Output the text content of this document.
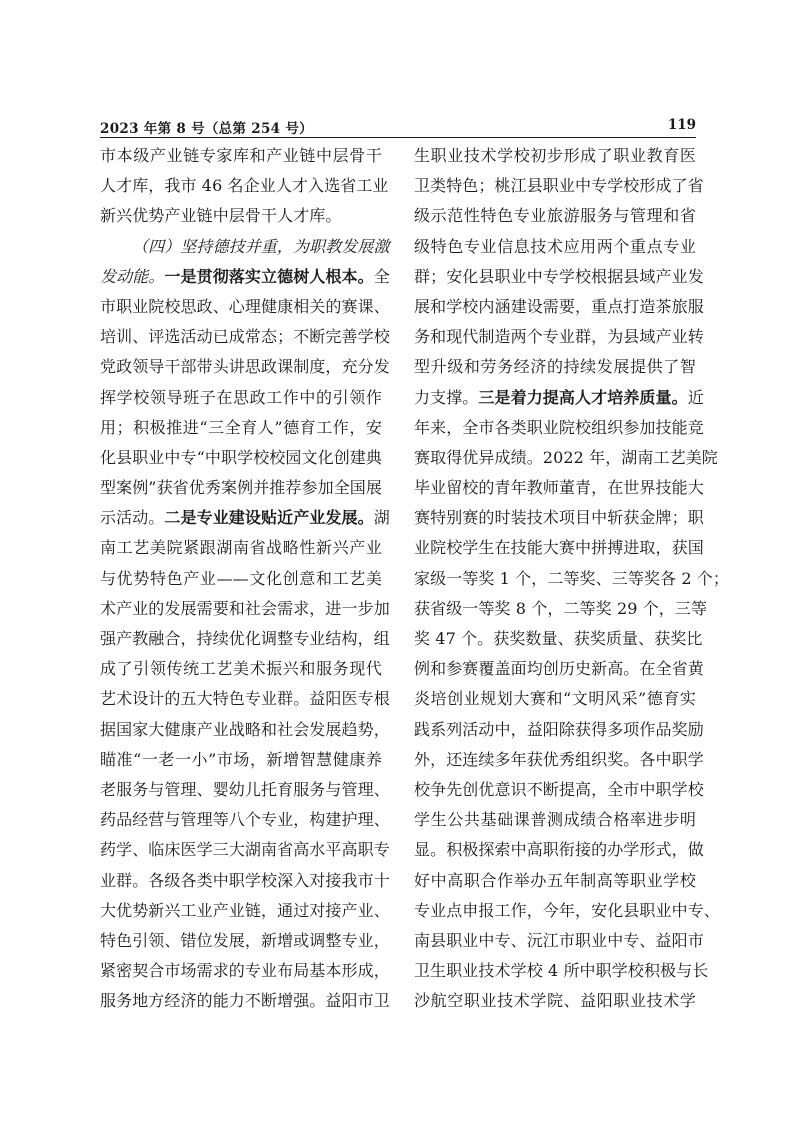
2023 年第 8 号（总第 254 号）	119
市本级产业链专家库和产业链中层骨干
人才库，我市 46 名企业人才入选省工业
新兴优势产业链中层骨干人才库。
（四）坚持德技并重，为职教发展激
发动能。一是贯彻落实立德树人根本。全
市职业院校思政、心理健康相关的赛课、
培训、评选活动已成常态；不断完善学校
党政领导干部带头讲思政课制度，充分发
挥学校领导班子在思政工作中的引领作
用；积极推进“三全育人”德育工作，安
化县职业中专“中职学校校园文化创建典
型案例”获省优秀案例并推荐参加全国展
示活动。二是专业建设贴近产业发展。湖
南工艺美院紧跟湖南省战略性新兴产业
与优势特色产业——文化创意和工艺美
术产业的发展需要和社会需求，进一步加
强产教融合，持续优化调整专业结构，组
成了引领传统工艺美术振兴和服务现代
艺术设计的五大特色专业群。益阳医专根
据国家大健康产业战略和社会发展趋势，
瞄准“一老一小”市场，新增智慧健康养
老服务与管理、婴幼儿托育服务与管理、
药品经营与管理等八个专业，构建护理、
药学、临床医学三大湖南省高水平高职专
业群。各级各类中职学校深入对接我市十
大优势新兴工业产业链，通过对接产业、
特色引领、错位发展，新增或调整专业，
紧密契合市场需求的专业布局基本形成，
服务地方经济的能力不断增强。益阳市卫
生职业技术学校初步形成了职业教育医
卫类特色；桃江县职业中专学校形成了省
级示范性特色专业旅游服务与管理和省
级特色专业信息技术应用两个重点专业
群；安化县职业中专学校根据县域产业发
展和学校内涵建设需要，重点打造茶旅服
务和现代制造两个专业群，为县域产业转
型升级和劳务经济的持续发展提供了智
力支撑。三是着力提高人才培养质量。近
年来，全市各类职业院校组织参加技能竞
赛取得优异成绩。2022 年，湖南工艺美院
毕业留校的青年教师董青，在世界技能大
赛特别赛的时装技术项目中斩获金牌；职
业院校学生在技能大赛中拼搏进取，获国
家级一等奖 1 个，二等奖、三等奖各 2 个；
获省级一等奖 8 个，二等奖 29 个，三等
奖 47 个。获奖数量、获奖质量、获奖比
例和参赛覆盖面均创历史新高。在全省黄
炎培创业规划大赛和“文明风采”德育实
践系列活动中，益阳除获得多项作品奖励
外，还连续多年获优秀组织奖。各中职学
校争先创优意识不断提高，全市中职学校
学生公共基础课普测成绩合格率进步明
显。积极探索中高职衔接的办学形式，做
好中高职合作举办五年制高等职业学校
专业点申报工作，今年，安化县职业中专、
南县职业中专、沅江市职业中专、益阳市
卫生职业技术学校 4 所中职学校积极与长
沙航空职业技术学院、益阳职业技术学
